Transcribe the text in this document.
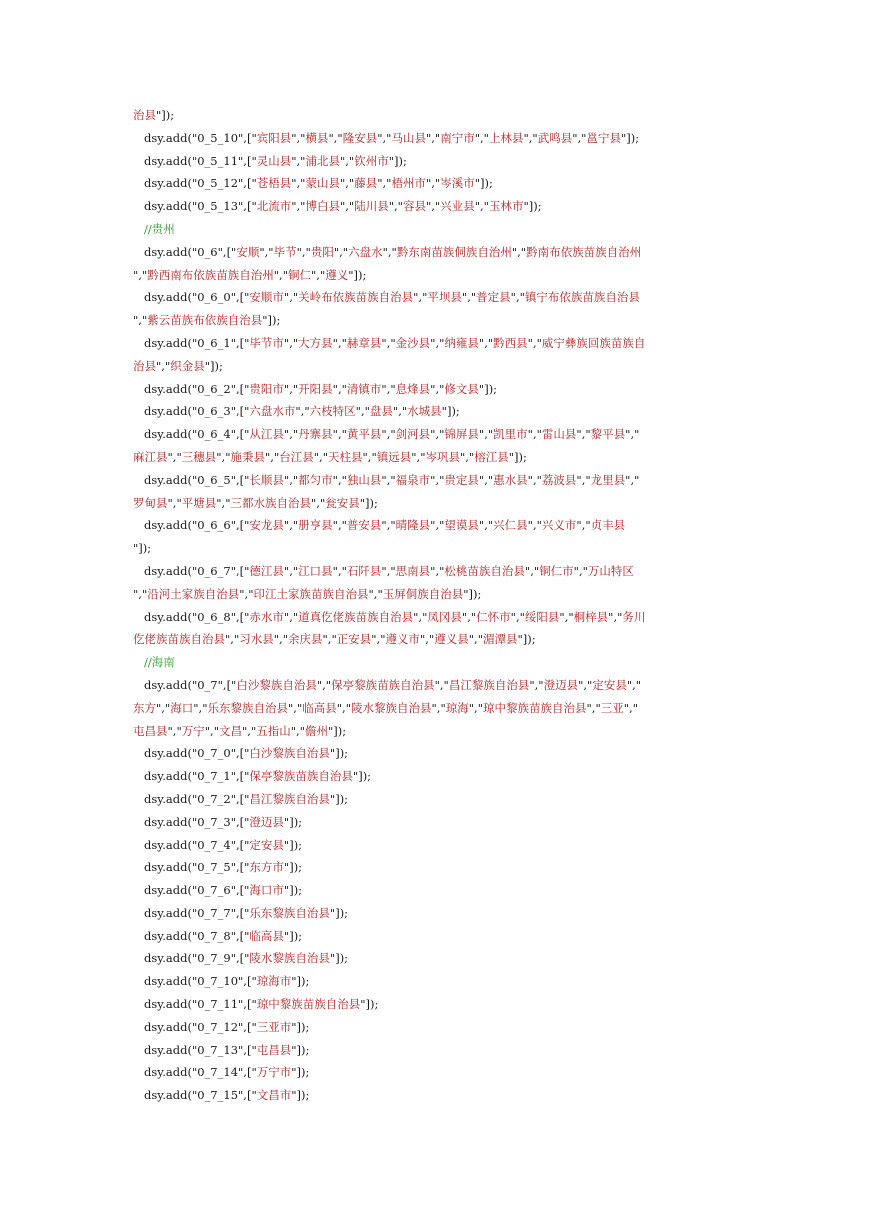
治县"]);
dsy.add("0_5_10",["宾阳县","横县","隆安县","马山县","南宁市","上林县","武鸣县","邕宁县"]);
dsy.add("0_5_11",["灵山县","浦北县","钦州市"]);
dsy.add("0_5_12",["苍梧县","蒙山县","藤县","梧州市","岑溪市"]);
dsy.add("0_5_13",["北流市","博白县","陆川县","容县","兴业县","玉林市"]);
//贵州
dsy.add("0_6",["安顺","毕节","贵阳","六盘水","黔东南苗族侗族自治州","黔南布依族苗族自治州
","黔西南布依族苗族自治州","铜仁","遵义"]);
dsy.add("0_6_0",["安顺市","关岭布依族苗族自治县","平坝县","普定县","镇宁布依族苗族自治县
","紫云苗族布依族自治县"]);
dsy.add("0_6_1",["毕节市","大方县","赫章县","金沙县","纳雍县","黔西县","威宁彝族回族苗族自
治县","织金县"]);
dsy.add("0_6_2",["贵阳市","开阳县","清镇市","息烽县","修文县"]);
dsy.add("0_6_3",["六盘水市","六枝特区","盘县","水城县"]);
dsy.add("0_6_4",["从江县","丹寨县","黄平县","剑河县","锦屏县","凯里市","雷山县","黎平县","
麻江县","三穗县","施秉县","台江县","天柱县","镇远县","岑巩县","榕江县"]);
dsy.add("0_6_5",["长顺县","都匀市","独山县","福泉市","贵定县","惠水县","荔波县","龙里县","
罗甸县","平塘县","三都水族自治县","瓮安县"]);
dsy.add("0_6_6",["安龙县","册亨县","普安县","晴隆县","望谟县","兴仁县","兴义市","贞丰县
"]);
dsy.add("0_6_7",["德江县","江口县","石阡县","思南县","松桃苗族自治县","铜仁市","万山特区
","沿河土家族自治县","印江土家族苗族自治县","玉屏侗族自治县"]);
dsy.add("0_6_8",["赤水市","道真仡佬族苗族自治县","凤冈县","仁怀市","绥阳县","桐梓县","务川
仡佬族苗族自治县","习水县","余庆县","正安县","遵义市","遵义县","湄潭县"]);
//海南
dsy.add("0_7",["白沙黎族自治县","保亭黎族苗族自治县","昌江黎族自治县","澄迈县","定安县","
东方","海口","乐东黎族自治县","临高县","陵水黎族自治县","琼海","琼中黎族苗族自治县","三亚","
屯昌县","万宁","文昌","五指山","儋州"]);
dsy.add("0_7_0",["白沙黎族自治县"]);
dsy.add("0_7_1",["保亭黎族苗族自治县"]);
dsy.add("0_7_2",["昌江黎族自治县"]);
dsy.add("0_7_3",["澄迈县"]);
dsy.add("0_7_4",["定安县"]);
dsy.add("0_7_5",["东方市"]);
dsy.add("0_7_6",["海口市"]);
dsy.add("0_7_7",["乐东黎族自治县"]);
dsy.add("0_7_8",["临高县"]);
dsy.add("0_7_9",["陵水黎族自治县"]);
dsy.add("0_7_10",["琼海市"]);
dsy.add("0_7_11",["琼中黎族苗族自治县"]);
dsy.add("0_7_12",["三亚市"]);
dsy.add("0_7_13",["屯昌县"]);
dsy.add("0_7_14",["万宁市"]);
dsy.add("0_7_15",["文昌市"]);
